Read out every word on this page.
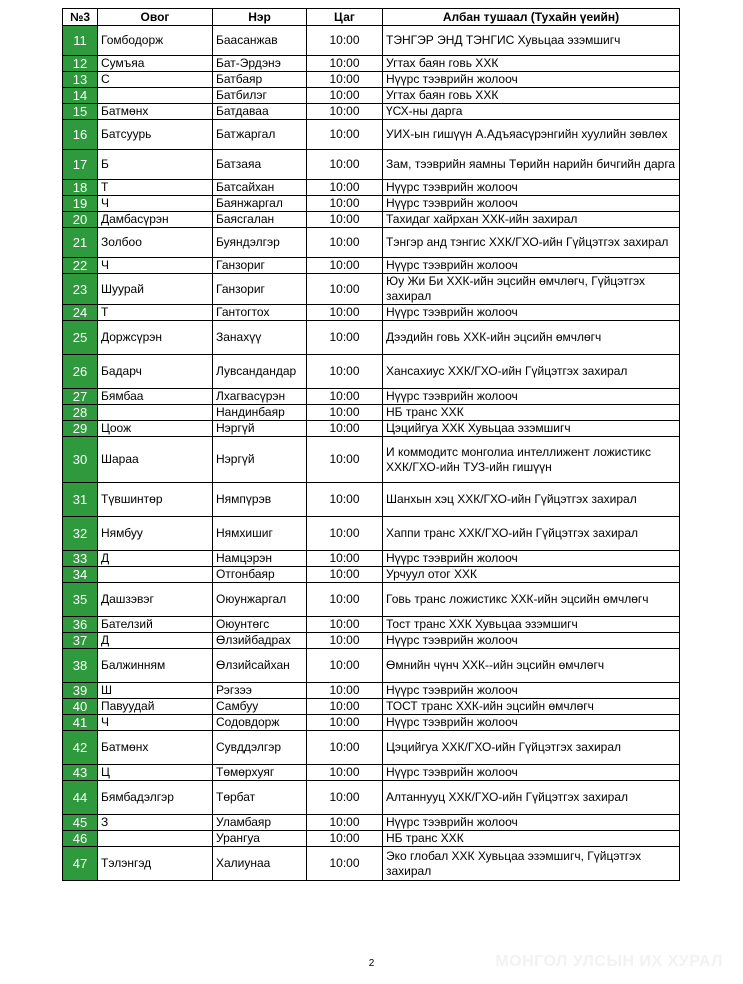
№3	Овог	Нэр	Цаг	Албан тушаал (Тухайн үеийн)
11	Гомбодорж	Баасанжав	10:00	ТЭНГЭР ЭНД ТЭНГИС Хувьцаа эзэмшигч
12	Сумъяа	Бат-Эрдэнэ	10:00	Угтах баян говь ХХК
13	С	Батбаяр	10:00	Нүүрс тээврийн жолооч
14		Батбилэг	10:00	Угтах баян говь ХХК
15	Батмөнх	Батдаваа	10:00	ҮСХ-ны дарга
16	Батсуурь	Батжаргал	10:00	УИХ-ын гишүүн А.Адъяасүрэнгийн хуулийн зөвлөх
17	Б	Батзаяа	10:00	Зам, тээврийн яамны Төрийн нарийн бичгийн дарга
18	Т	Батсайхан	10:00	Нүүрс тээврийн жолооч
19	Ч	Баянжаргал	10:00	Нүүрс тээврийн жолооч
20	Дамбасүрэн	Баясгалан	10:00	Тахидаг хайрхан ХХК-ийн захирал
21	Золбоо	Буяндэлгэр	10:00	Тэнгэр анд тэнгис ХХК/ГХО-ийн Гүйцэтгэх захирал
22	Ч	Ганзориг	10:00	Нүүрс тээврийн жолооч
23	Шуурай	Ганзориг	10:00	Юу Жи Би ХХК-ийн эцсийн өмчлөгч, Гүйцэтгэх захирал
24	Т	Гантогтох	10:00	Нүүрс тээврийн жолооч
25	Доржсүрэн	Занахүү	10:00	Дээдийн говь ХХК-ийн эцсийн өмчлөгч
26	Бадарч	Лувсандандар	10:00	Хансахиус ХХК/ГХО-ийн Гүйцэтгэх захирал
27	Бямбаа	Лхагвасүрэн	10:00	Нүүрс тээврийн жолооч
28		Нандинбаяр	10:00	НБ транс ХХК
29	Цоож	Нэргүй	10:00	Цэцийгуа ХХК Хувьцаа эзэмшигч
30	Шараа	Нэргүй	10:00	И коммодитс монголиа интеллижент ложистикс ХХК/ГХО-ийн ТУЗ-ийн гишүүн
31	Түвшинтөр	Нямпүрэв	10:00	Шанхын хэц ХХК/ГХО-ийн Гүйцэтгэх захирал
32	Нямбуу	Нямхишиг	10:00	Хаппи транс ХХК/ГХО-ийн Гүйцэтгэх захирал
33	Д	Намцэрэн	10:00	Нүүрс тээврийн жолооч
34		Отгонбаяр	10:00	Урчуул отог ХХК
35	Дашзэвэг	Оюунжаргал	10:00	Говь транс ложистикс ХХК-ийн эцсийн өмчлөгч
36	Бателзий	Оюунтөгс	10:00	Тост транс ХХК Хувьцаа эзэмшигч
37	Д	Өлзийбадрах	10:00	Нүүрс тээврийн жолооч
38	Балжинням	Өлзийсайхан	10:00	Өмнийн чүнч ХХК--ийн эцсийн өмчлөгч
39	Ш	Рэгзээ	10:00	Нүүрс тээврийн жолооч
40	Павуудай	Самбуу	10:00	ТОСТ транс ХХК-ийн эцсийн өмчлөгч
41	Ч	Содовдорж	10:00	Нүүрс тээврийн жолооч
42	Батмөнх	Сувддэлгэр	10:00	Цэцийгуа ХХК/ГХО-ийн Гүйцэтгэх захирал
43	Ц	Төмөрхуяг	10:00	Нүүрс тээврийн жолооч
44	Бямбадэлгэр	Төрбат	10:00	Алтаннууц ХХК/ГХО-ийн Гүйцэтгэх захирал
45	З	Уламбаяр	10:00	Нүүрс тээврийн жолооч
46		Урангуа	10:00	НБ транс ХХК
47	Тэлэнгэд	Халиунаа	10:00	Эко глобал ХХК Хувьцаа эзэмшигч, Гүйцэтгэх захирал
2	МОНГОЛ УЛСЫН ИХ ХУРАЛ
